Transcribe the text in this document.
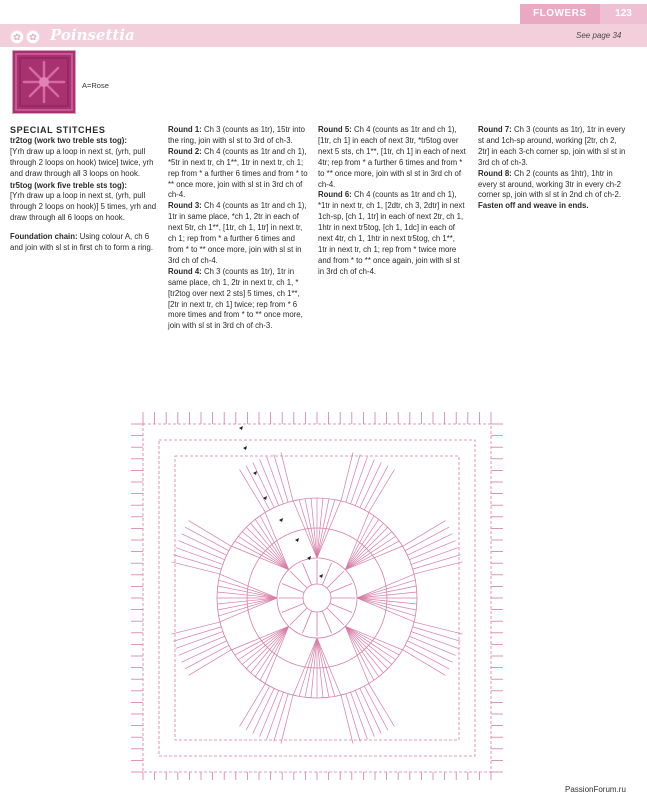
FLOWERS	123
✿ ✿ Poinsettia	See page 34
A=Rose

SPECIAL STITCHES

tr2tog (work two treble sts tog):

[Yrh draw up a loop in next st, (yrh, pull through 2 loops on hook) twice] twice, yrh and draw through all 3 loops on hook.

tr5tog (work five treble sts tog):

[Yrh draw up a loop in next st, (yrh, pull through 2 loops on hook)] 5 times, yrh and draw through all 6 loops on hook.

Foundation chain: Using colour A, ch 6 and join with sl st in first ch to form a ring.

Round 1: Ch 3 (counts as 1tr), 15tr into the ring, join with sl st to 3rd of ch-3.

Round 2: Ch 4 (counts as 1tr and ch 1), *5tr in next tr, ch 1**, 1tr in next tr, ch 1; rep from * a further 6 times and from * to ** once more, join with sl st in 3rd ch of ch-4.

Round 3: Ch 4 (counts as 1tr and ch 1), 1tr in same place, *ch 1, 2tr in each of next 5tr, ch 1**, [1tr, ch 1, 1tr] in next tr, ch 1; rep from * a further 6 times and from * to ** once more, join with sl st in 3rd ch of ch-4.

Round 4: Ch 3 (counts as 1tr), 1tr in same place, ch 1, 2tr in next tr, ch 1, *[tr2tog over next 2 sts] 5 times, ch 1**, [2tr in next tr, ch 1] twice; rep from * 6 more times and from * to ** once more, join with sl st in 3rd ch of ch-3.

Round 5: Ch 4 (counts as 1tr and ch 1), [1tr, ch 1] in each of next 3tr, *tr5tog over next 5 sts, ch 1**, [1tr, ch 1] in each of next 4tr; rep from * a further 6 times and from * to ** once more, join with sl st in 3rd ch of ch-4.

Round 6: Ch 4 (counts as 1tr and ch 1), *1tr in next tr, ch 1, [2dtr, ch 3, 2dtr] in next 1ch-sp, [ch 1, 1tr] in each of next 2tr, ch 1, 1htr in next tr5tog, [ch 1, 1dc] in each of next 4tr, ch 1, 1htr in next tr5tog, ch 1**, 1tr in next tr, ch 1; rep from * twice more and from * to ** once again, join with sl st in 3rd ch of ch-4.

Round 7: Ch 3 (counts as 1tr), 1tr in every st and 1ch-sp around, working [2tr, ch 2, 2tr] in each 3-ch corner sp, join with sl st in 3rd ch of ch-3.

Round 8: Ch 2 (counts as 1htr), 1htr in every st around, working 3tr in every ch-2 corner sp, join with sl st in 2nd ch of ch-2.

Fasten off and weave in ends.

PassionForum.ru
